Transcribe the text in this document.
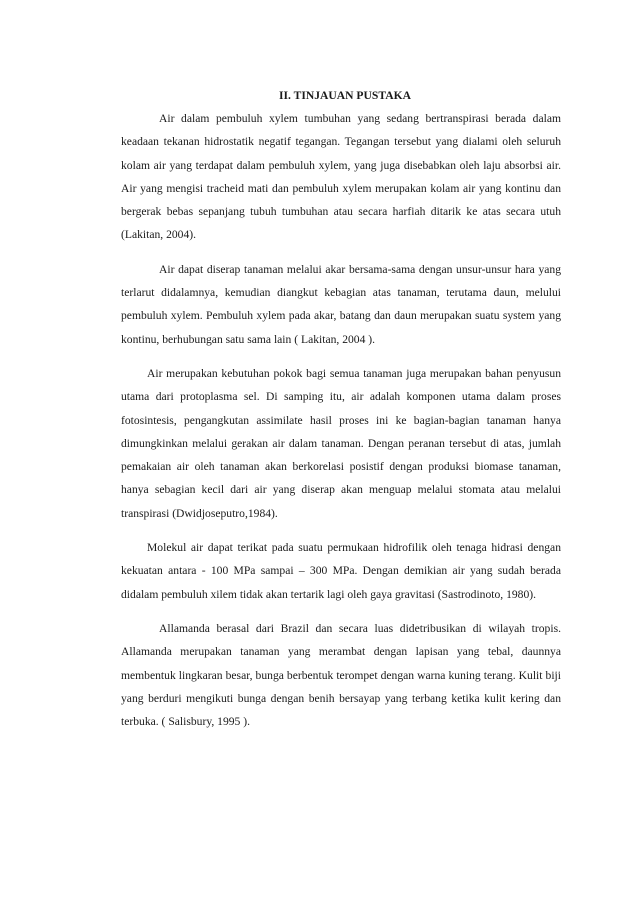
II. TINJAUAN PUSTAKA

Air dalam pembuluh xylem tumbuhan yang sedang bertranspirasi berada dalam keadaan tekanan hidrostatik negatif tegangan. Tegangan tersebut yang dialami oleh seluruh kolam air yang terdapat dalam pembuluh xylem, yang juga disebabkan oleh laju absorbsi air. Air yang mengisi tracheid mati dan pembuluh xylem merupakan kolam air yang kontinu dan bergerak bebas sepanjang tubuh tumbuhan atau secara harfiah ditarik ke atas secara utuh (Lakitan, 2004).

Air dapat diserap tanaman melalui akar bersama-sama dengan unsur-unsur hara yang terlarut didalamnya, kemudian diangkut kebagian atas tanaman, terutama daun, melului pembuluh xylem. Pembuluh xylem pada akar, batang dan daun merupakan suatu system yang kontinu, berhubungan satu sama lain ( Lakitan, 2004 ).

Air merupakan kebutuhan pokok bagi semua tanaman juga merupakan bahan penyusun utama dari protoplasma sel. Di samping itu, air adalah komponen utama dalam proses fotosintesis, pengangkutan assimilate hasil proses ini ke bagian-bagian tanaman hanya dimungkinkan melalui gerakan air dalam tanaman. Dengan peranan tersebut di atas, jumlah pemakaian air oleh tanaman akan berkorelasi posistif dengan produksi biomase tanaman, hanya sebagian kecil dari air yang diserap akan menguap melalui stomata atau melalui transpirasi (Dwidjoseputro,1984).

Molekul air dapat terikat pada suatu permukaan hidrofilik oleh tenaga hidrasi dengan kekuatan antara - 100 MPa sampai – 300 MPa. Dengan demikian air yang sudah berada didalam pembuluh xilem tidak akan tertarik lagi oleh gaya gravitasi (Sastrodinoto, 1980).

Allamanda berasal dari Brazil dan secara luas didetribusikan di wilayah tropis. Allamanda merupakan tanaman yang merambat dengan lapisan yang tebal, daunnya membentuk lingkaran besar, bunga berbentuk terompet dengan warna kuning terang. Kulit biji yang berduri mengikuti bunga dengan benih bersayap yang terbang ketika kulit kering dan terbuka. ( Salisbury, 1995 ).
